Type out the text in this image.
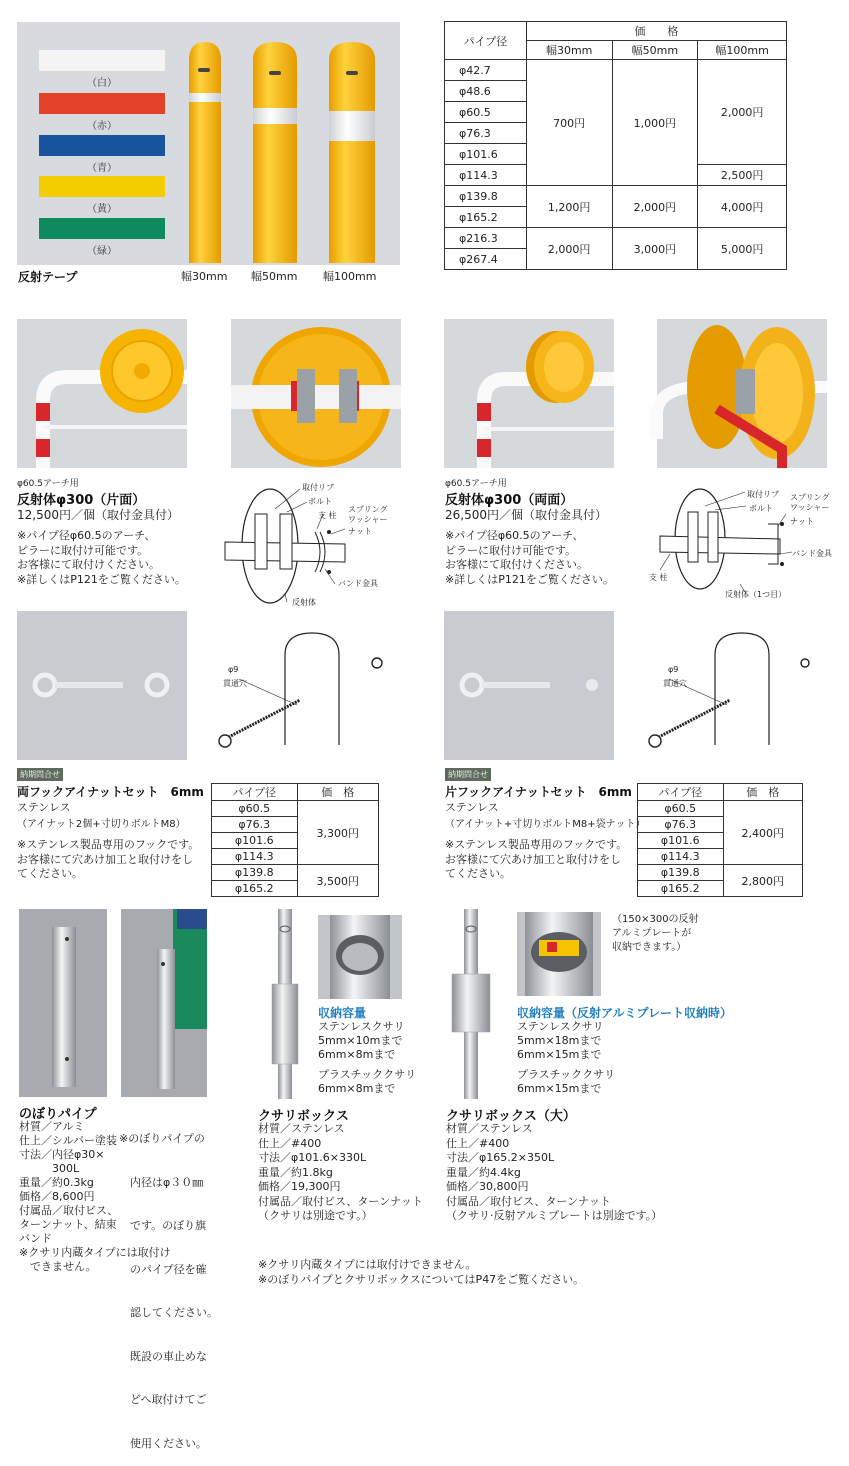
（白）
（赤）
（青）
（黄）
（緑）
反射テープ	幅30mm 幅50mm 幅100mm
パイプ径	価　　格		
	幅30mm	幅50mm	幅100mm
φ42.7	700円	1,000円	2,000円
φ48.6			
φ60.5			
φ76.3			
φ101.6			
φ114.3			2,500円
φ139.8	1,200円	2,000円	4,000円
φ165.2			
φ216.3	2,000円	3,000円	5,000円
φ267.4			
φ60.5アーチ用
反射体φ300（片面）
12,500円／個（取付金具付）
※パイプ径φ60.5のアーチ、
ピラーに取付け可能です。
お客様にて取付けください。
※詳しくはP121をご覧ください。
取付リブ
ボルト
支 柱
スプリング
ワッシャー
ナット
バンド金具
反射体
φ60.5アーチ用
反射体φ300（両面）
26,500円／個（取付金具付）
※パイプ径φ60.5のアーチ、
ピラーに取付け可能です。
お客様にて取付けください。
※詳しくはP121をご覧ください。
取付リブ
ボルト
スプリング
ワッシャー
ナット
バンド金具
支 柱
反射体（1つ目）
φ9
貫通穴
納期問合せ
両フックアイナットセット　6mm
ステンレス
（アイナット2個+寸切りボルトM8）
※ステンレス製品専用のフックです。
お客様にて穴あけ加工と取付けをし
てください。
パイプ径	価　格
φ60.5	3,300円
φ76.3	
φ101.6	
φ114.3	
φ139.8	3,500円
φ165.2	
φ9
貫通穴
納期問合せ
片フックアイナットセット　6mm
ステンレス
（アイナット+寸切りボルトM8+袋ナット）
※ステンレス製品専用のフックです。
お客様にて穴あけ加工と取付けをし
てください。
パイプ径	価　格
φ60.5	2,400円
φ76.3	
φ101.6	
φ114.3	
φ139.8	2,800円
φ165.2	
のぼりパイプ
材質／アルミ
仕上／シルバー塗装
寸法／内径φ30×
　　　300L
重量／約0.3kg
価格／8,600円
付属品／取付ビス、
ターンナット、結束
バンド
※クサリ内蔵タイプには取付け
　できません。

※のぼりパイプの

　内径はφ３０㎜

　です。のぼり旗

　のパイプ径を確

　認してください。

　既設の車止めな

　どへ取付けてご

　使用ください。

収納容量
ステンレスクサリ
5mm×10mまで
6mm×8mまで
プラスチッククサリ
6mm×8mまで
クサリボックス
材質／ステンレス
仕上／#400
寸法／φ101.6×330L
重量／約1.8kg
価格／19,300円
付属品／取付ビス、ターンナット
（クサリは別途です。）
（150×300の反射
アルミプレートが
収納できます。）
収納容量（反射アルミプレート収納時）
ステンレスクサリ
5mm×18mまで
6mm×15mまで
プラスチッククサリ
6mm×15mまで
クサリボックス（大）
材質／ステンレス
仕上／#400
寸法／φ165.2×350L
重量／約4.4kg
価格／30,800円
付属品／取付ビス、ターンナット
（クサリ·反射アルミプレートは別途です。）
※クサリ内蔵タイプには取付けできません。
※のぼりパイプとクサリボックスについてはP47をご覧ください。
